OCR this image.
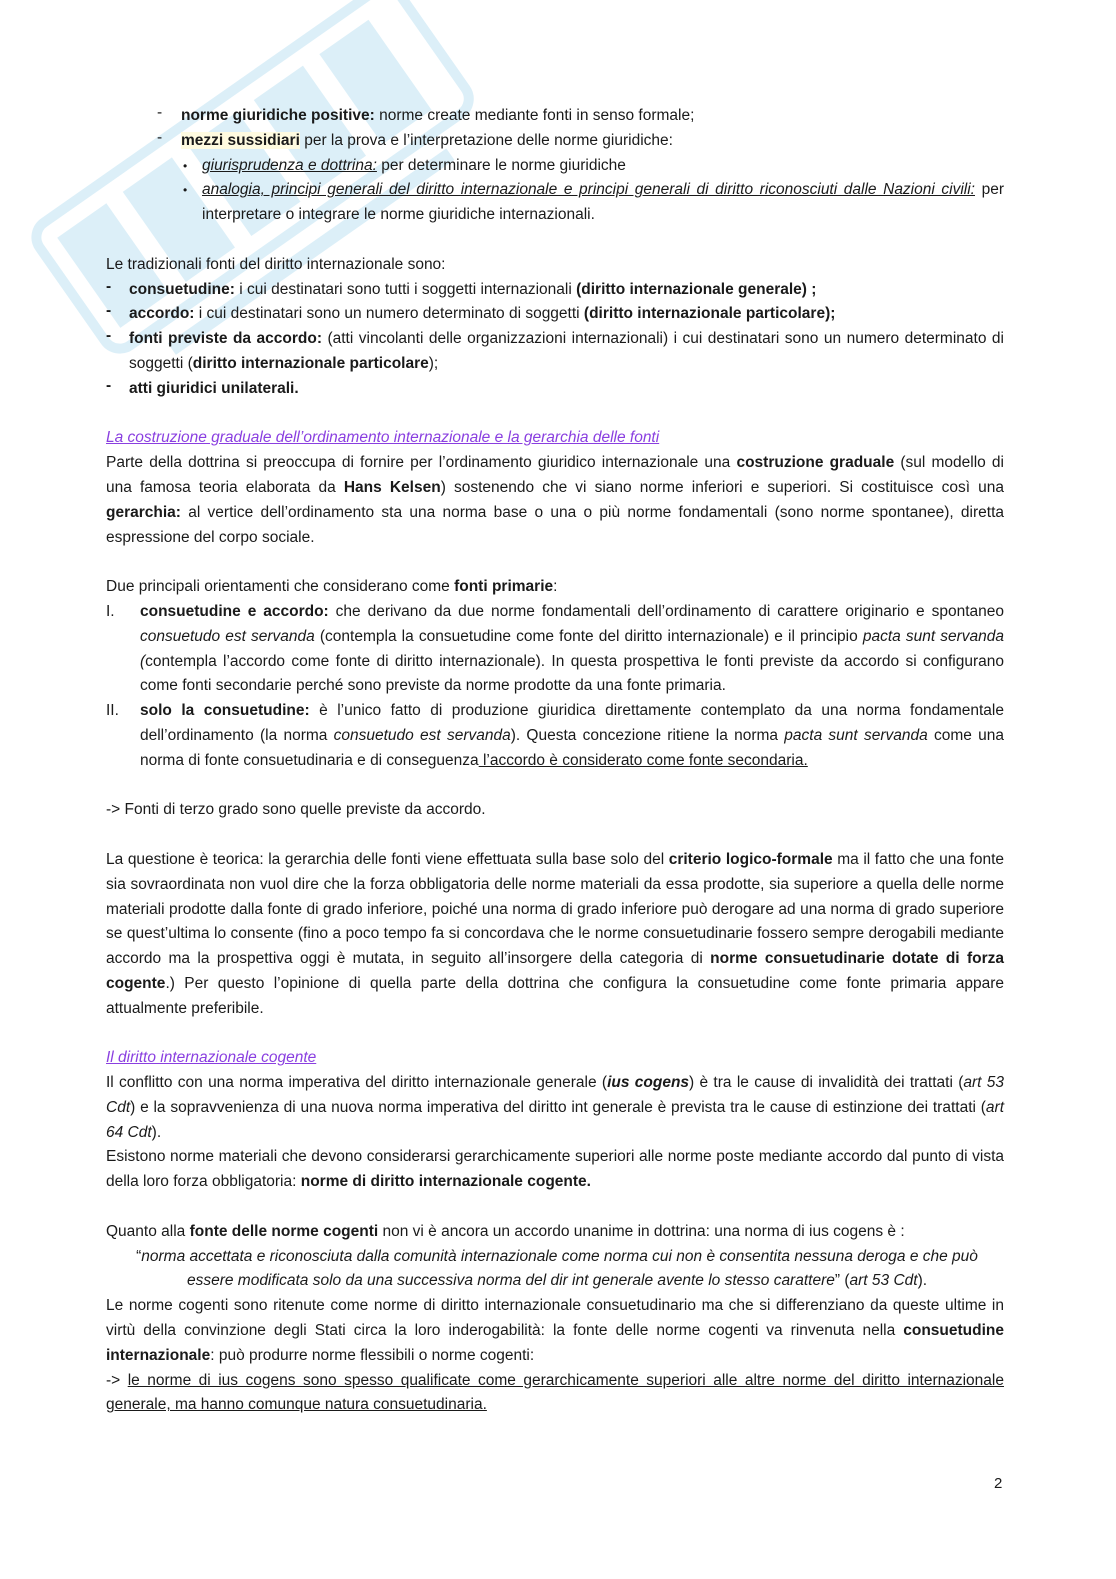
- norme giuridiche positive: norme create mediante fonti in senso formale;

- mezzi sussidiari per la prova e l’interpretazione delle norme giuridiche:

• giurisprudenza e dottrina: per determinare le norme giuridiche

• analogia, principi generali del diritto internazionale e principi generali di diritto riconosciuti dalle Nazioni civili: per interpretare o integrare le norme giuridiche internazionali.

Le tradizionali fonti del diritto internazionale sono:

- consuetudine: i cui destinatari sono tutti i soggetti internazionali (diritto internazionale generale) ;

- accordo: i cui destinatari sono un numero determinato di soggetti (diritto internazionale particolare);

- fonti previste da accordo: (atti vincolanti delle organizzazioni internazionali) i cui destinatari sono un numero determinato di soggetti (diritto internazionale particolare);

- atti giuridici unilaterali.

La costruzione graduale dell’ordinamento internazionale e la gerarchia delle fonti

Parte della dottrina si preoccupa di fornire per l’ordinamento giuridico internazionale una costruzione graduale (sul modello di una famosa teoria elaborata da Hans Kelsen) sostenendo che vi siano norme inferiori e superiori. Si costituisce così una gerarchia: al vertice dell’ordinamento sta una norma base o una o più norme fondamentali (sono norme spontanee), diretta espressione del corpo sociale.

Due principali orientamenti che considerano come fonti primarie:

I. consuetudine e accordo: che derivano da due norme fondamentali dell’ordinamento di carattere originario e spontaneo consuetudo est servanda (contempla la consuetudine come fonte del diritto internazionale) e il principio pacta sunt servanda (contempla l’accordo come fonte di diritto internazionale). In questa prospettiva le fonti previste da accordo si configurano come fonti secondarie perché sono previste da norme prodotte da una fonte primaria.

II. solo la consuetudine: è l’unico fatto di produzione giuridica direttamente contemplato da una norma fondamentale dell’ordinamento (la norma consuetudo est servanda). Questa concezione ritiene la norma pacta sunt servanda come una norma di fonte consuetudinaria e di conseguenza l’accordo è considerato come fonte secondaria.

-> Fonti di terzo grado sono quelle previste da accordo.

La questione è teorica: la gerarchia delle fonti viene effettuata sulla base solo del criterio logico-formale ma il fatto che una fonte sia sovraordinata non vuol dire che la forza obbligatoria delle norme materiali da essa prodotte, sia superiore a quella delle norme materiali prodotte dalla fonte di grado inferiore, poiché una norma di grado inferiore può derogare ad una norma di grado superiore se quest’ultima lo consente (fino a poco tempo fa si concordava che le norme consuetudinarie fossero sempre derogabili mediante accordo ma la prospettiva oggi è mutata, in seguito all’insorgere della categoria di norme consuetudinarie dotate di forza cogente.) Per questo l’opinione di quella parte della dottrina che configura la consuetudine come fonte primaria appare attualmente preferibile.

Il diritto internazionale cogente

Il conflitto con una norma imperativa del diritto internazionale generale (ius cogens) è tra le cause di invalidità dei trattati (art 53 Cdt) e la sopravvenienza di una nuova norma imperativa del diritto int generale è prevista tra le cause di estinzione dei trattati (art 64 Cdt).

Esistono norme materiali che devono considerarsi gerarchicamente superiori alle norme poste mediante accordo dal punto di vista della loro forza obbligatoria: norme di diritto internazionale cogente.

Quanto alla fonte delle norme cogenti non vi è ancora un accordo unanime in dottrina: una norma di ius cogens è :

“norma accettata e riconosciuta dalla comunità internazionale come norma cui non è consentita nessuna deroga e che può essere modificata solo da una successiva norma del dir int generale avente lo stesso carattere” (art 53 Cdt).

Le norme cogenti sono ritenute come norme di diritto internazionale consuetudinario ma che si differenziano da queste ultime in virtù della convinzione degli Stati circa la loro inderogabilità: la fonte delle norme cogenti va rinvenuta nella consuetudine internazionale: può produrre norme flessibili o norme cogenti:

-> le norme di ius cogens sono spesso qualificate come gerarchicamente superiori alle altre norme del diritto internazionale generale, ma hanno comunque natura consuetudinaria.

2
